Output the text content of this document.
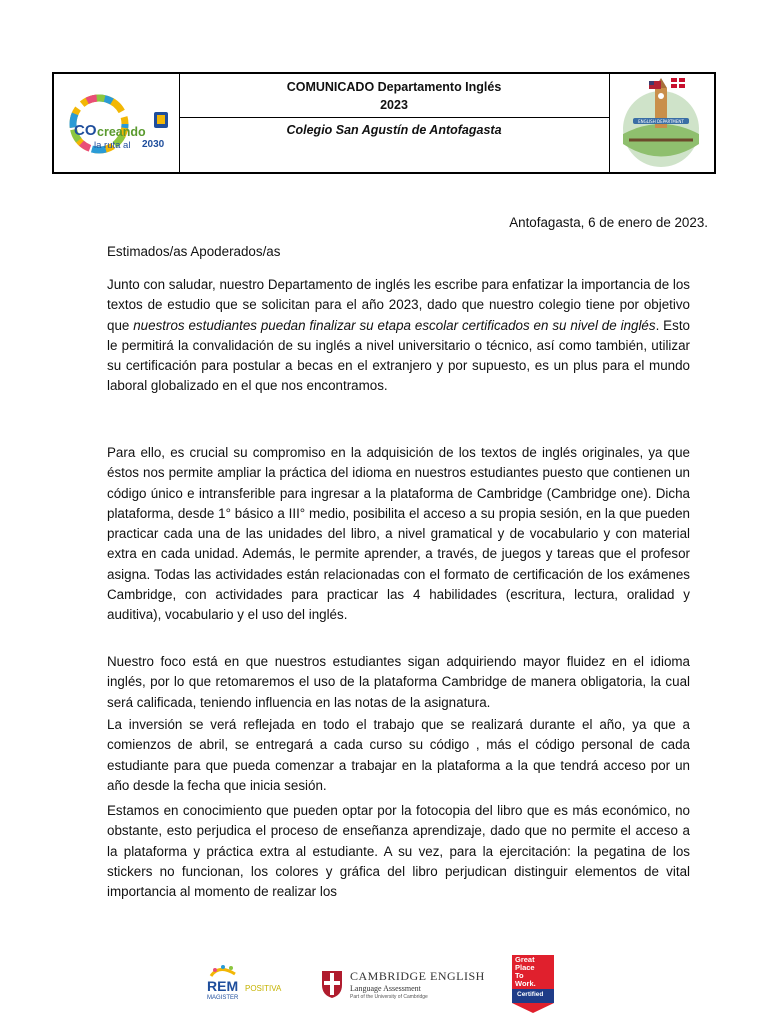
CO creando
la ruta al 2030
COMUNICADO Departamento Inglés
2023
Colegio San Agustín de Antofagasta
ENGLISH DEPARTMENT
Antofagasta, 6 de enero de 2023.
Estimados/as Apoderados/as

Junto con saludar, nuestro Departamento de inglés les escribe para enfatizar la importancia de los textos de estudio que se solicitan para el año 2023, dado que nuestro colegio tiene por objetivo que nuestros estudiantes puedan finalizar su etapa escolar certificados en su nivel de inglés. Esto le permitirá la convalidación de su inglés a nivel universitario o técnico, así como también, utilizar su certificación para postular a becas en el extranjero y por supuesto, es un plus para el mundo laboral globalizado en el que nos encontramos.

Para ello, es crucial su compromiso en la adquisición de los textos de inglés originales, ya que éstos nos permite ampliar la práctica del idioma en nuestros estudiantes puesto que contienen un código único e intransferible para ingresar a la plataforma de Cambridge (Cambridge one). Dicha plataforma, desde 1° básico a III° medio, posibilita el acceso a su propia sesión, en la que pueden practicar cada una de las unidades del libro, a nivel gramatical y de vocabulario y con material extra en cada unidad. Además, le permite aprender, a través, de juegos y tareas que el profesor asigna. Todas las actividades están relacionadas con el formato de certificación de los exámenes Cambridge, con actividades para practicar las 4 habilidades (escritura, lectura, oralidad y auditiva), vocabulario y el uso del inglés.

Nuestro foco está en que nuestros estudiantes sigan adquiriendo mayor fluidez en el idioma inglés, por lo que retomaremos el uso de la plataforma Cambridge de manera obligatoria, la cual será calificada, teniendo influencia en las notas de la asignatura.

La inversión se verá reflejada en todo el trabajo que se realizará durante el año, ya que a comienzos de abril, se entregará a cada curso su código , más el código personal de cada estudiante para que pueda comenzar a trabajar en la plataforma a la que tendrá acceso por un año desde la fecha que inicia sesión.

Estamos en conocimiento que pueden optar por la fotocopia del libro que es más económico, no obstante, esto perjudica el proceso de enseñanza aprendizaje, dado que no permite el acceso a la plataforma y práctica extra al estudiante. A su vez, para la ejercitación: la pegatina de los stickers no funcionan, los colores y gráfica del libro perjudican distinguir elementos de vital importancia al momento de realizar los

REM
MAGISTER
POSITIVA
CAMBRIDGE ENGLISH
Language Assessment
Part of the University of Cambridge
Great
Place
To
Work.
Certified
